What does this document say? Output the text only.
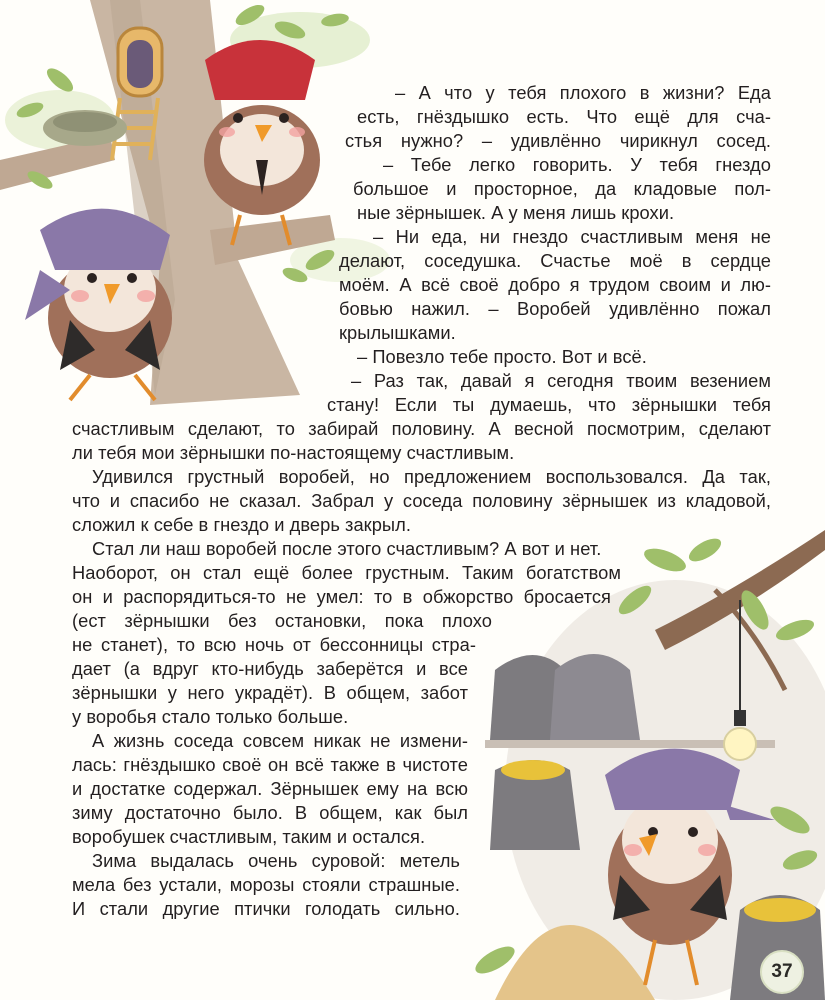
– А что у тебя плохого в жизни? Еда
есть, гнёздышко есть. Что ещё для сча-
стья нужно? – удивлённо чирикнул сосед.
– Тебе легко говорить. У тебя гнездо
большое и просторное, да кладовые пол-
ные зёрнышек. А у меня лишь крохи.
– Ни еда, ни гнездо счастливым меня не
делают, соседушка. Счастье моё в сердце
моём. А всё своё добро я трудом своим и лю-
бовью нажил. – Воробей удивлённо пожал
крылышками.
– Повезло тебе просто. Вот и всё.
– Раз так, давай я сегодня твоим везением
стану! Если ты думаешь, что зёрнышки тебя
счастливым сделают, то забирай половину. А весной посмотрим, сделают
ли тебя мои зёрнышки по-настоящему счастливым.
Удивился грустный воробей, но предложением воспользовался. Да так,
что и спасибо не сказал. Забрал у соседа половину зёрнышек из кладовой,
сложил к себе в гнездо и дверь закрыл.
Стал ли наш воробей после этого счастливым? А вот и нет.
Наоборот, он стал ещё более грустным. Таким богатством
он и распорядиться-то не умел: то в обжорство бросается
(ест зёрнышки без остановки, пока плохо
не станет), то всю ночь от бессонницы стра-
дает (а вдруг кто-нибудь заберётся и все
зёрнышки у него украдёт). В общем, забот
у воробья стало только больше.
А жизнь соседа совсем никак не измени-
лась: гнёздышко своё он всё также в чистоте
и достатке содержал. Зёрнышек ему на всю
зиму достаточно было. В общем, как был
воробушек счастливым, таким и остался.
Зима выдалась очень суровой: метель
мела без устали, морозы стояли страшные.
И стали другие птички голодать сильно.
37
